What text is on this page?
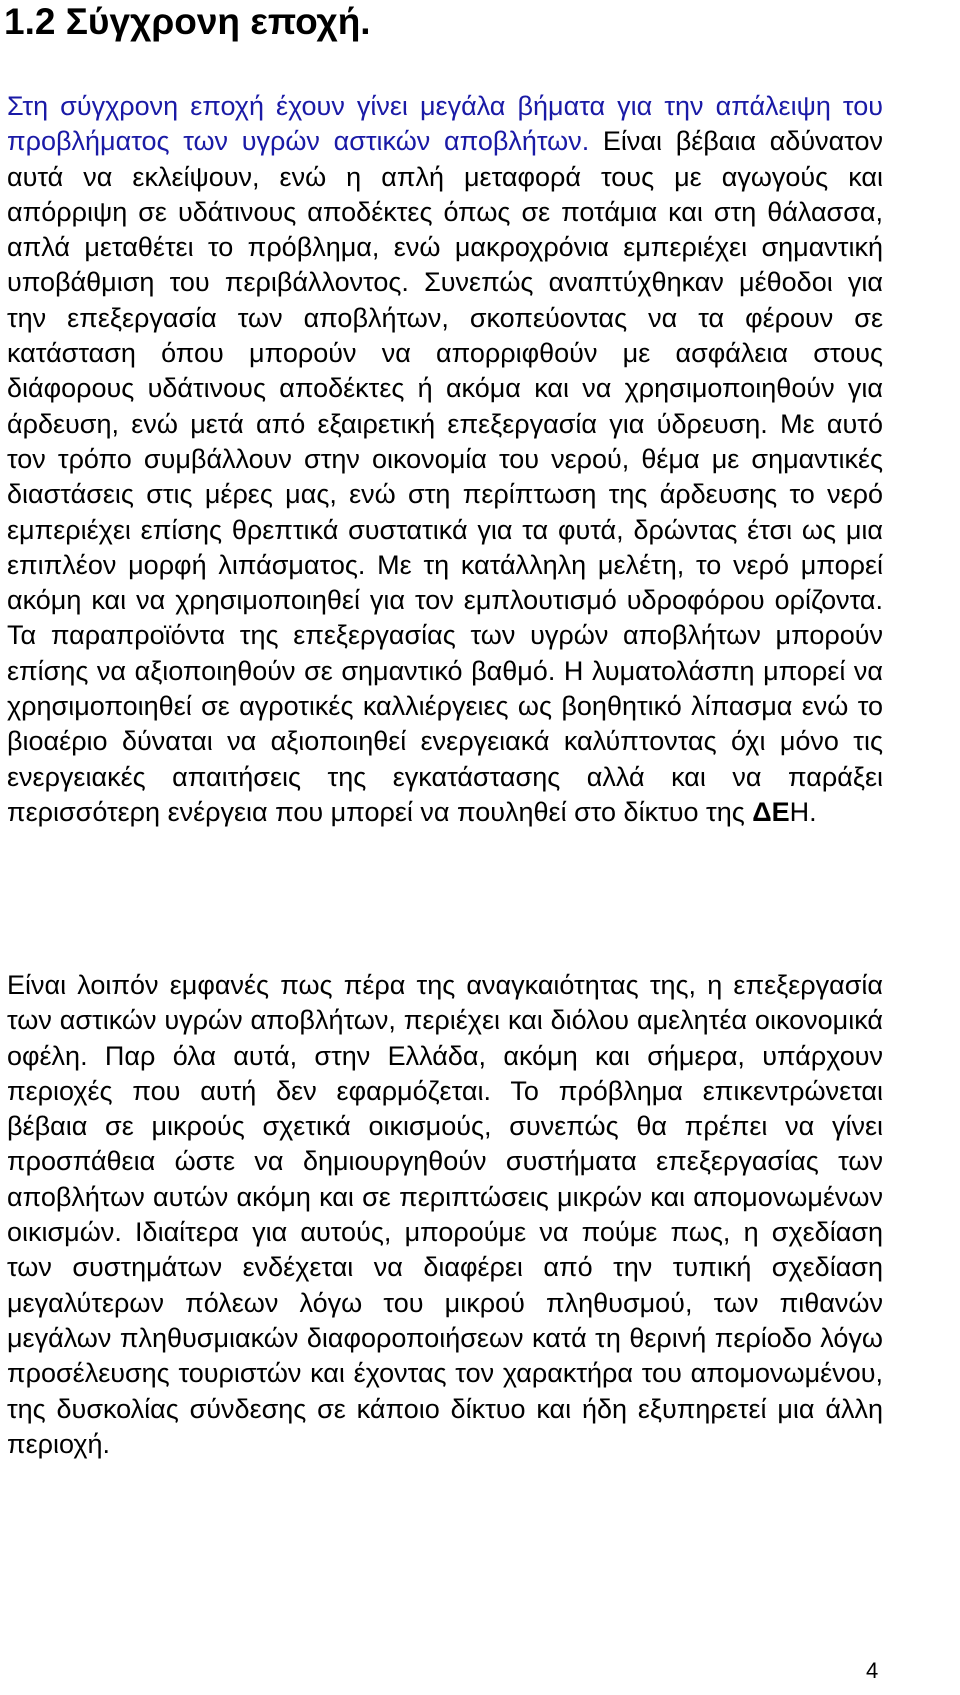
1.2 Σύγχρονη εποχή.

Στη σύγχρονη εποχή έχουν γίνει μεγάλα βήματα για την απάλειψη του προβλήματος των υγρών αστικών αποβλήτων. Είναι βέβαια αδύνατον αυτά να εκλείψουν, ενώ η απλή μεταφορά τους με αγωγούς και απόρριψη σε υδάτινους αποδέκτες όπως σε ποτάμια και στη θάλασσα, απλά μεταθέτει το πρόβλημα, ενώ μακροχρόνια εμπεριέχει σημαντική υποβάθμιση του περιβάλλοντος. Συνεπώς αναπτύχθηκαν μέθοδοι για την επεξεργασία των αποβλήτων, σκοπεύοντας να τα φέρουν σε κατάσταση όπου μπορούν να απορριφθούν με ασφάλεια στους διάφορους υδάτινους αποδέκτες ή ακόμα και να χρησιμοποιηθούν για άρδευση, ενώ μετά από εξαιρετική επεξεργασία για ύδρευση. Με αυτό τον τρόπο συμβάλλουν στην οικονομία του νερού, θέμα με σημαντικές διαστάσεις στις μέρες μας, ενώ στη περίπτωση της άρδευσης το νερό εμπεριέχει επίσης θρεπτικά συστατικά για τα φυτά, δρώντας έτσι ως μια επιπλέον μορφή λιπάσματος. Με τη κατάλληλη μελέτη, το νερό μπορεί ακόμη και να χρησιμοποιηθεί για τον εμπλουτισμό υδροφόρου ορίζοντα. Τα παραπροϊόντα της επεξεργασίας των υγρών αποβλήτων μπορούν επίσης να αξιοποιηθούν σε σημαντικό βαθμό. Η λυματολάσπη μπορεί να χρησιμοποιηθεί σε αγροτικές καλλιέργειες ως βοηθητικό λίπασμα ενώ το βιοαέριο δύναται να αξιοποιηθεί ενεργειακά καλύπτοντας όχι μόνο τις ενεργειακές απαιτήσεις της εγκατάστασης αλλά και να παράξει περισσότερη ενέργεια που μπορεί να πουληθεί στο δίκτυο της ΔΕΗ.

Είναι λοιπόν εμφανές πως πέρα της αναγκαιότητας της, η επεξεργασία των αστικών υγρών αποβλήτων, περιέχει και διόλου αμελητέα οικονομικά οφέλη. Παρ όλα αυτά, στην Ελλάδα, ακόμη και σήμερα, υπάρχουν περιοχές που αυτή δεν εφαρμόζεται. Το πρόβλημα επικεντρώνεται βέβαια σε μικρούς σχετικά οικισμούς, συνεπώς θα πρέπει να γίνει προσπάθεια ώστε να δημιουργηθούν συστήματα επεξεργασίας των αποβλήτων αυτών ακόμη και σε περιπτώσεις μικρών και απομονωμένων οικισμών. Ιδιαίτερα για αυτούς, μπορούμε να πούμε πως, η σχεδίαση των συστημάτων ενδέχεται να διαφέρει από την τυπική σχεδίαση μεγαλύτερων πόλεων λόγω του μικρού πληθυσμού, των πιθανών μεγάλων πληθυσμιακών διαφοροποιήσεων κατά τη θερινή περίοδο λόγω προσέλευσης τουριστών και έχοντας τον χαρακτήρα του απομονωμένου, της δυσκολίας σύνδεσης σε κάποιο δίκτυο και ήδη εξυπηρετεί μια άλλη περιοχή.

4
